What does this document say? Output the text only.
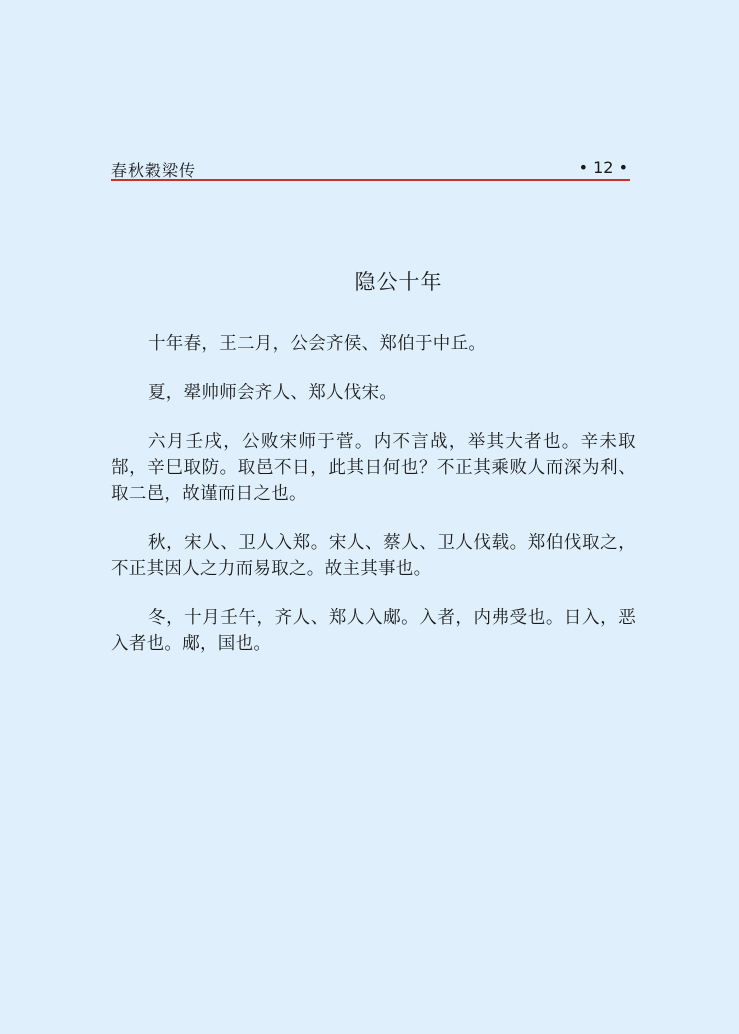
春秋穀梁传	• 12 •
隐公十年

十年春，王二月，公会齐侯、郑伯于中丘。

夏，翚帅师会齐人、郑人伐宋。

六月壬戌，公败宋师于菅。内不言战，举其大者也。辛未取郜，辛巳取防。取邑不日，此其日何也？不正其乘败人而深为利、取二邑，故谨而日之也。

秋，宋人、卫人入郑。宋人、蔡人、卫人伐载。郑伯伐取之，不正其因人之力而易取之。故主其事也。

冬，十月壬午，齐人、郑人入郕。入者，内弗受也。日入，恶入者也。郕，国也。
